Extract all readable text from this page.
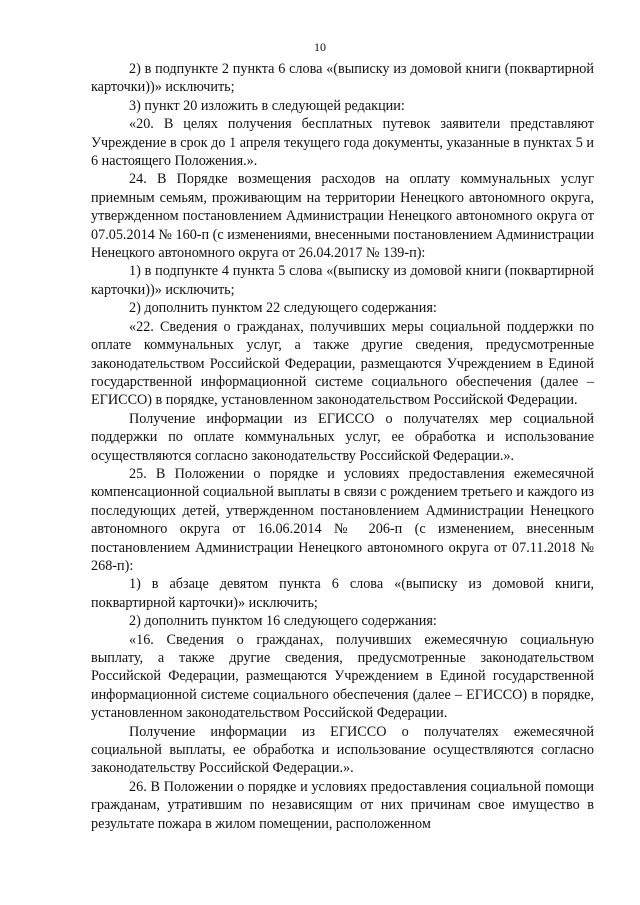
10

2) в подпункте 2 пункта 6 слова «(выписку из домовой книги (поквартирной карточки))» исключить;

3) пункт 20 изложить в следующей редакции:

«20. В целях получения бесплатных путевок заявители представляют Учреждение в срок до 1 апреля текущего года документы, указанные в пунктах 5 и 6 настоящего Положения.».

24. В Порядке возмещения расходов на оплату коммунальных услуг приемным семьям, проживающим на территории Ненецкого автономного округа, утвержденном постановлением Администрации Ненецкого автономного округа от 07.05.2014 № 160-п (с изменениями, внесенными постановлением Администрации Ненецкого автономного округа от 26.04.2017 № 139-п):

1) в подпункте 4 пункта 5 слова «(выписку из домовой книги (поквартирной карточки))» исключить;

2) дополнить пунктом 22 следующего содержания:

«22. Сведения о гражданах, получивших меры социальной поддержки по оплате коммунальных услуг, а также другие сведения, предусмотренные законодательством Российской Федерации, размещаются Учреждением в Единой государственной информационной системе социального обеспечения (далее – ЕГИССО) в порядке, установленном законодательством Российской Федерации.

Получение информации из ЕГИССО о получателях мер социальной поддержки по оплате коммунальных услуг, ее обработка и использование осуществляются согласно законодательству Российской Федерации.».

25. В Положении о порядке и условиях предоставления ежемесячной компенсационной социальной выплаты в связи с рождением третьего и каждого из последующих детей, утвержденном постановлением Администрации Ненецкого автономного округа от 16.06.2014 № 206-п (с изменением, внесенным постановлением Администрации Ненецкого автономного округа от 07.11.2018 № 268-п):

1) в абзаце девятом пункта 6 слова «(выписку из домовой книги, поквартирной карточки)» исключить;

2) дополнить пунктом 16 следующего содержания:

«16. Сведения о гражданах, получивших ежемесячную социальную выплату, а также другие сведения, предусмотренные законодательством Российской Федерации, размещаются Учреждением в Единой государственной информационной системе социального обеспечения (далее – ЕГИССО) в порядке, установленном законодательством Российской Федерации.

Получение информации из ЕГИССО о получателях ежемесячной социальной выплаты, ее обработка и использование осуществляются согласно законодательству Российской Федерации.».

26. В Положении о порядке и условиях предоставления социальной помощи гражданам, утратившим по независящим от них причинам свое имущество в результате пожара в жилом помещении, расположенном
